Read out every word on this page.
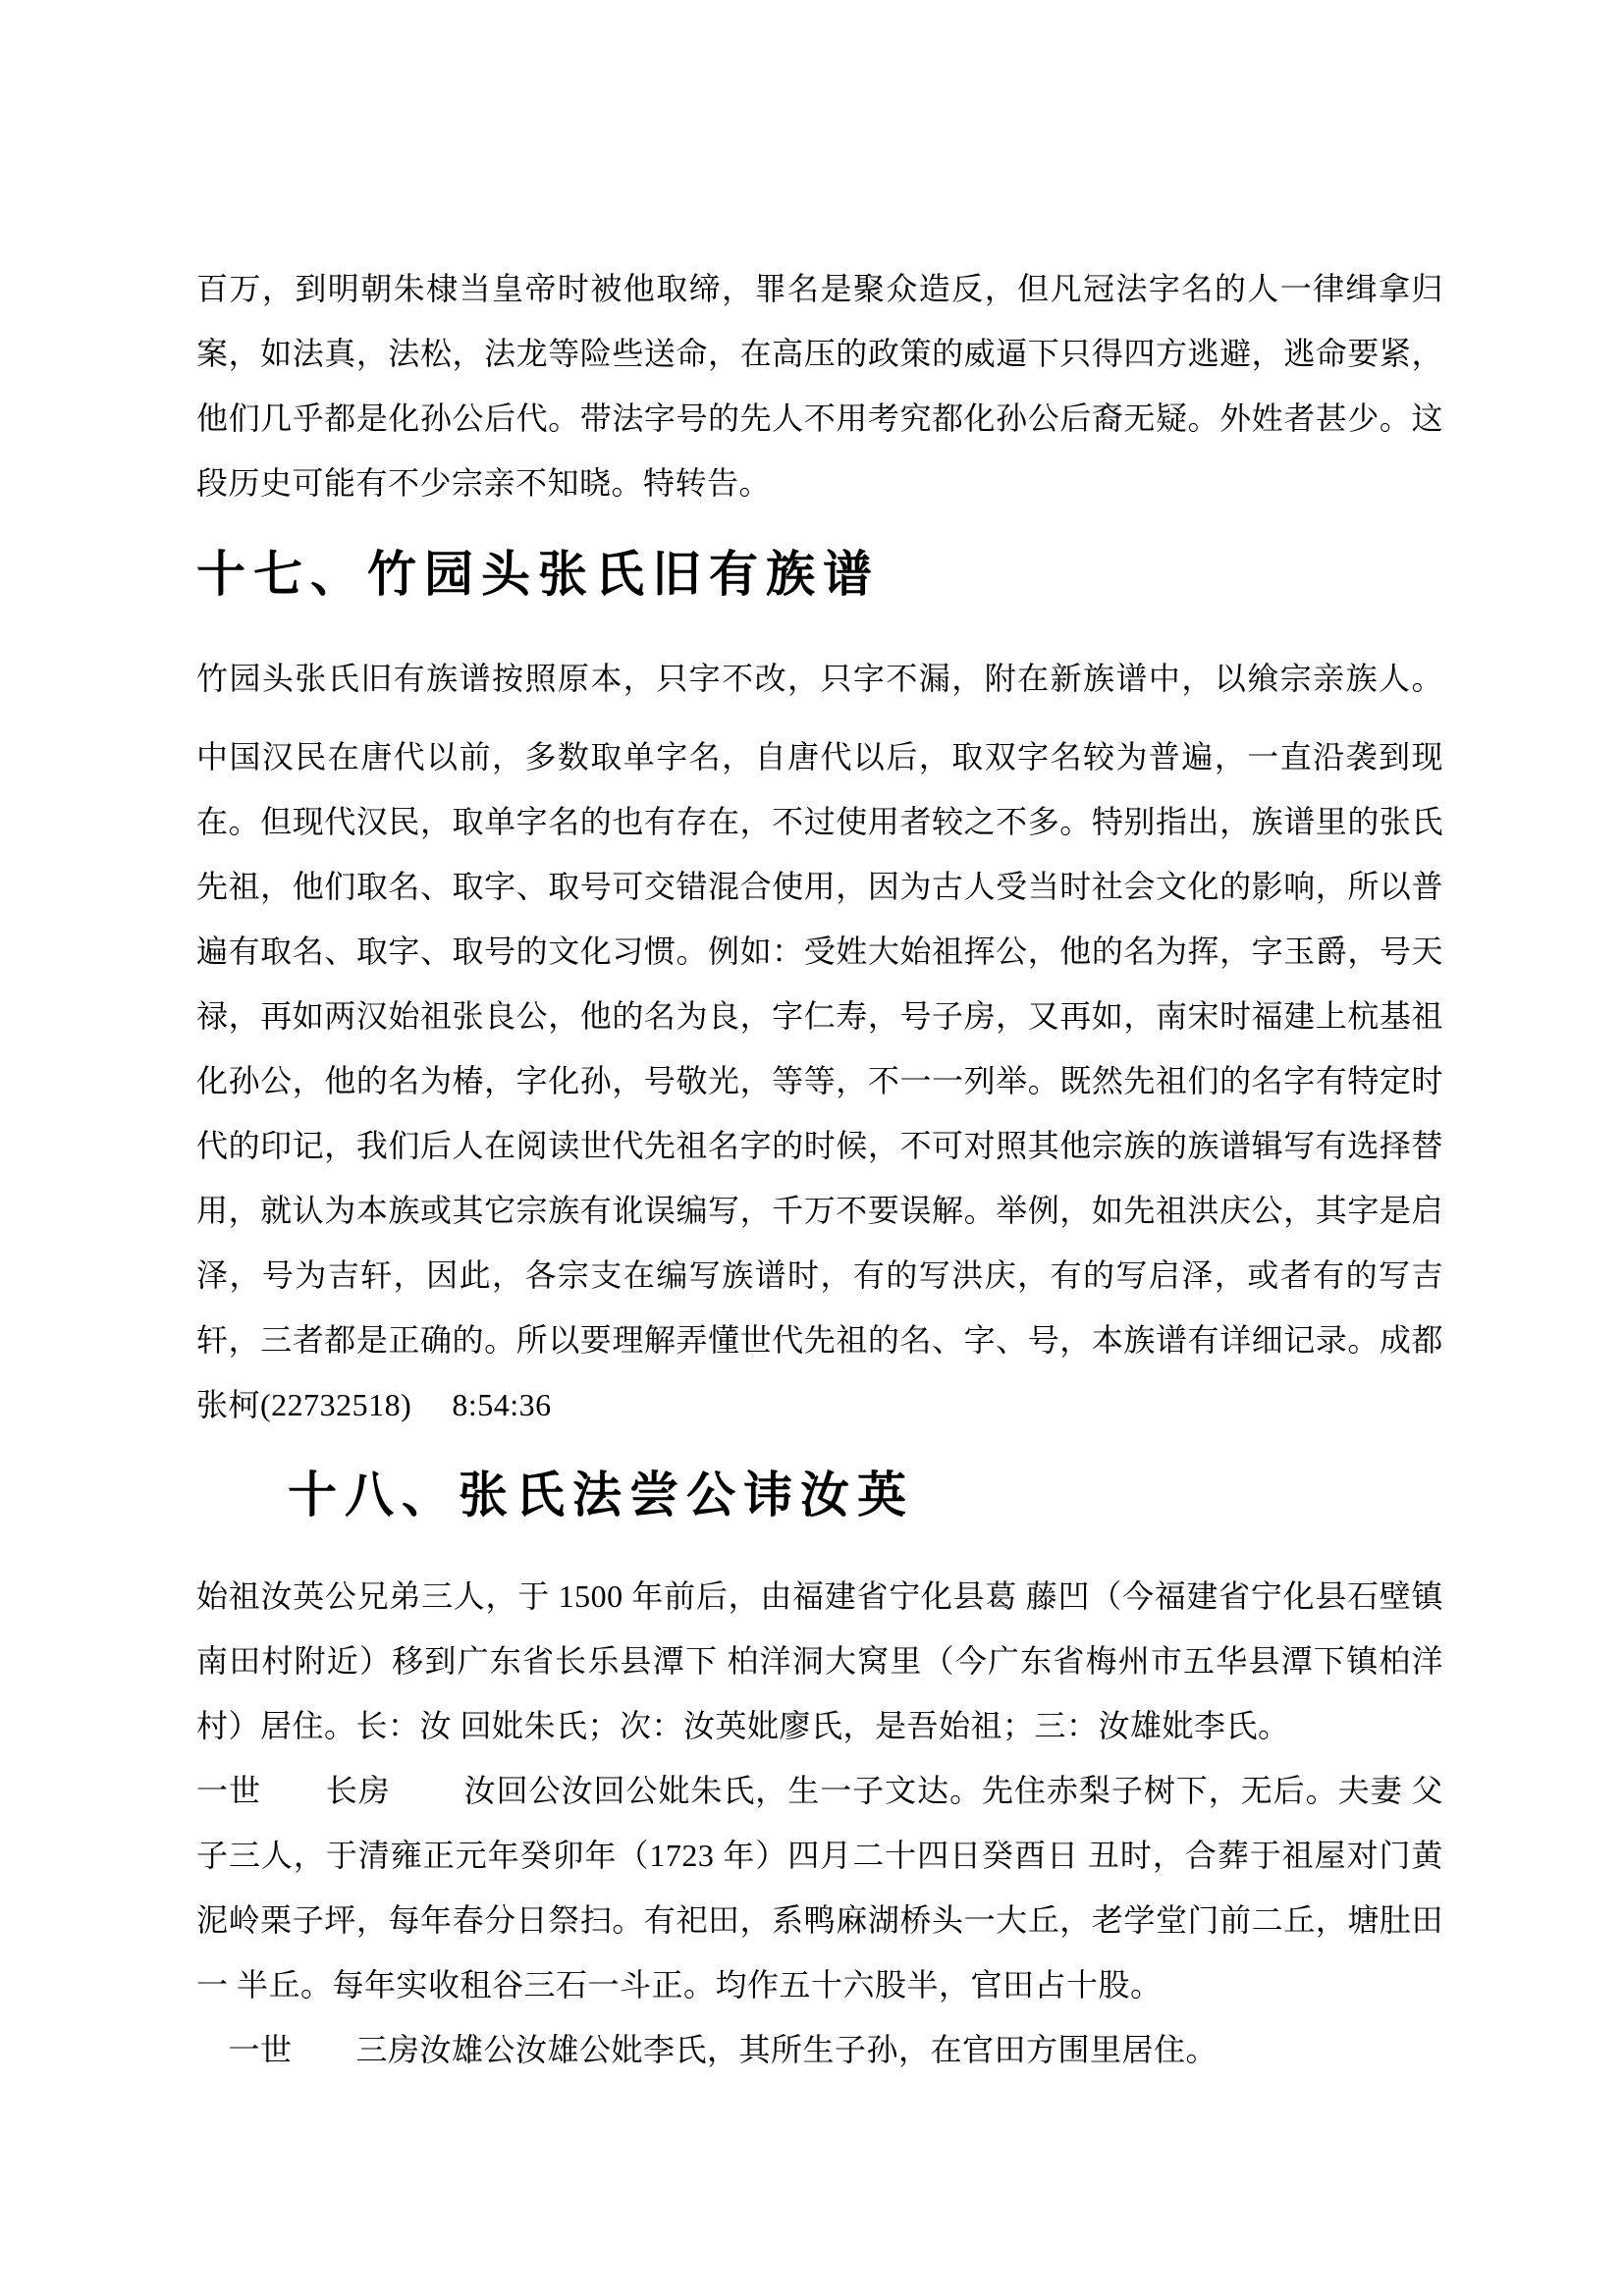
百万，到明朝朱棣当皇帝时被他取缔，罪名是聚众造反，但凡冠法字名的人一律缉拿归案，如法真，法松，法龙等险些送命，在高压的政策的威逼下只得四方逃避，逃命要紧，他们几乎都是化孙公后代。带法字号的先人不用考究都化孙公后裔无疑。外姓者甚少。这段历史可能有不少宗亲不知晓。特转告。

十七、竹园头张氏旧有族谱

竹园头张氏旧有族谱按照原本，只字不改，只字不漏，附在新族谱中，以飨宗亲族人。

中国汉民在唐代以前，多数取单字名，自唐代以后，取双字名较为普遍，一直沿袭到现在。但现代汉民，取单字名的也有存在，不过使用者较之不多。特别指出，族谱里的张氏先祖，他们取名、取字、取号可交错混合使用，因为古人受当时社会文化的影响，所以普遍有取名、取字、取号的文化习惯。例如：受姓大始祖挥公，他的名为挥，字玉爵，号天禄，再如两汉始祖张良公，他的名为良，字仁寿，号子房，又再如，南宋时福建上杭基祖化孙公，他的名为椿，字化孙，号敬光，等等，不一一列举。既然先祖们的名字有特定时代的印记，我们后人在阅读世代先祖名字的时候，不可对照其他宗族的族谱辑写有选择替用，就认为本族或其它宗族有讹误编写，千万不要误解。举例，如先祖洪庆公，其字是启泽，号为吉轩，因此，各宗支在编写族谱时，有的写洪庆，有的写启泽，或者有的写吉轩，三者都是正确的。所以要理解弄懂世代先祖的名、字、号，本族谱有详细记录。成都　　张柯(22732518)　 8:54:36

十八、张氏法尝公讳汝英

始祖汝英公兄弟三人，于 1500 年前后，由福建省宁化县葛 藤凹（今福建省宁化县石壁镇南田村附近）移到广东省长乐县潭下 柏洋洞大窝里（今广东省梅州市五华县潭下镇柏洋村）居住。长：汝 回妣朱氏；次：汝英妣廖氏，是吾始祖；三：汝雄妣李氏。

一世　　长房　　 汝回公汝回公妣朱氏，生一子文达。先住赤梨子树下，无后。夫妻 父子三人，于清雍正元年癸卯年（1723 年）四月二十四日癸酉日 丑时，合葬于祖屋对门黄泥岭栗子坪，每年春分日祭扫。有祀田，系鸭麻湖桥头一大丘，老学堂门前二丘，塘肚田一 半丘。每年实收租谷三石一斗正。均作五十六股半，官田占十股。

　一世　　三房汝雄公汝雄公妣李氏，其所生子孙，在官田方围里居住。
